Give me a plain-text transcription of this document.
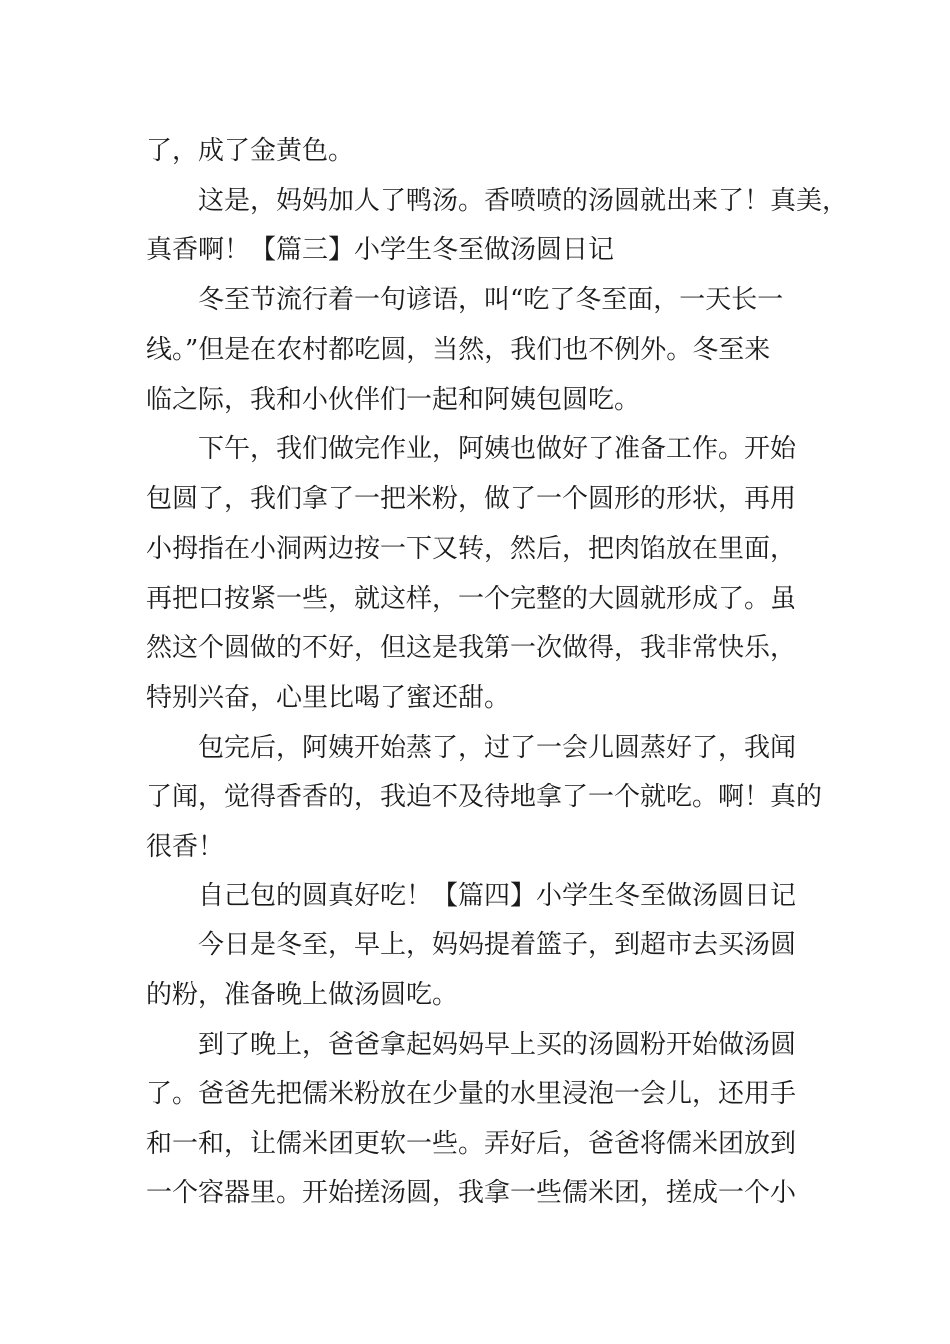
了，成了金黄色。
这是，妈妈加人了鸭汤。香喷喷的汤圆就出来了！真美，
真香啊！【篇三】小学生冬至做汤圆日记
冬至节流行着一句谚语，叫“吃了冬至面，一天长一
线。”但是在农村都吃圆，当然，我们也不例外。冬至来
临之际，我和小伙伴们一起和阿姨包圆吃。
下午，我们做完作业，阿姨也做好了准备工作。开始
包圆了，我们拿了一把米粉，做了一个圆形的形状，再用
小拇指在小洞两边按一下又转，然后，把肉馅放在里面，
再把口按紧一些，就这样，一个完整的大圆就形成了。虽
然这个圆做的不好，但这是我第一次做得，我非常快乐，
特别兴奋，心里比喝了蜜还甜。
包完后，阿姨开始蒸了，过了一会儿圆蒸好了，我闻
了闻，觉得香香的，我迫不及待地拿了一个就吃。啊！真的
很香！
自己包的圆真好吃！【篇四】小学生冬至做汤圆日记
今日是冬至，早上，妈妈提着篮子，到超市去买汤圆
的粉，准备晚上做汤圆吃。
到了晚上，爸爸拿起妈妈早上买的汤圆粉开始做汤圆
了。爸爸先把儒米粉放在少量的水里浸泡一会儿，还用手
和一和，让儒米团更软一些。弄好后，爸爸将儒米团放到
一个容器里。开始搓汤圆，我拿一些儒米团，搓成一个小
